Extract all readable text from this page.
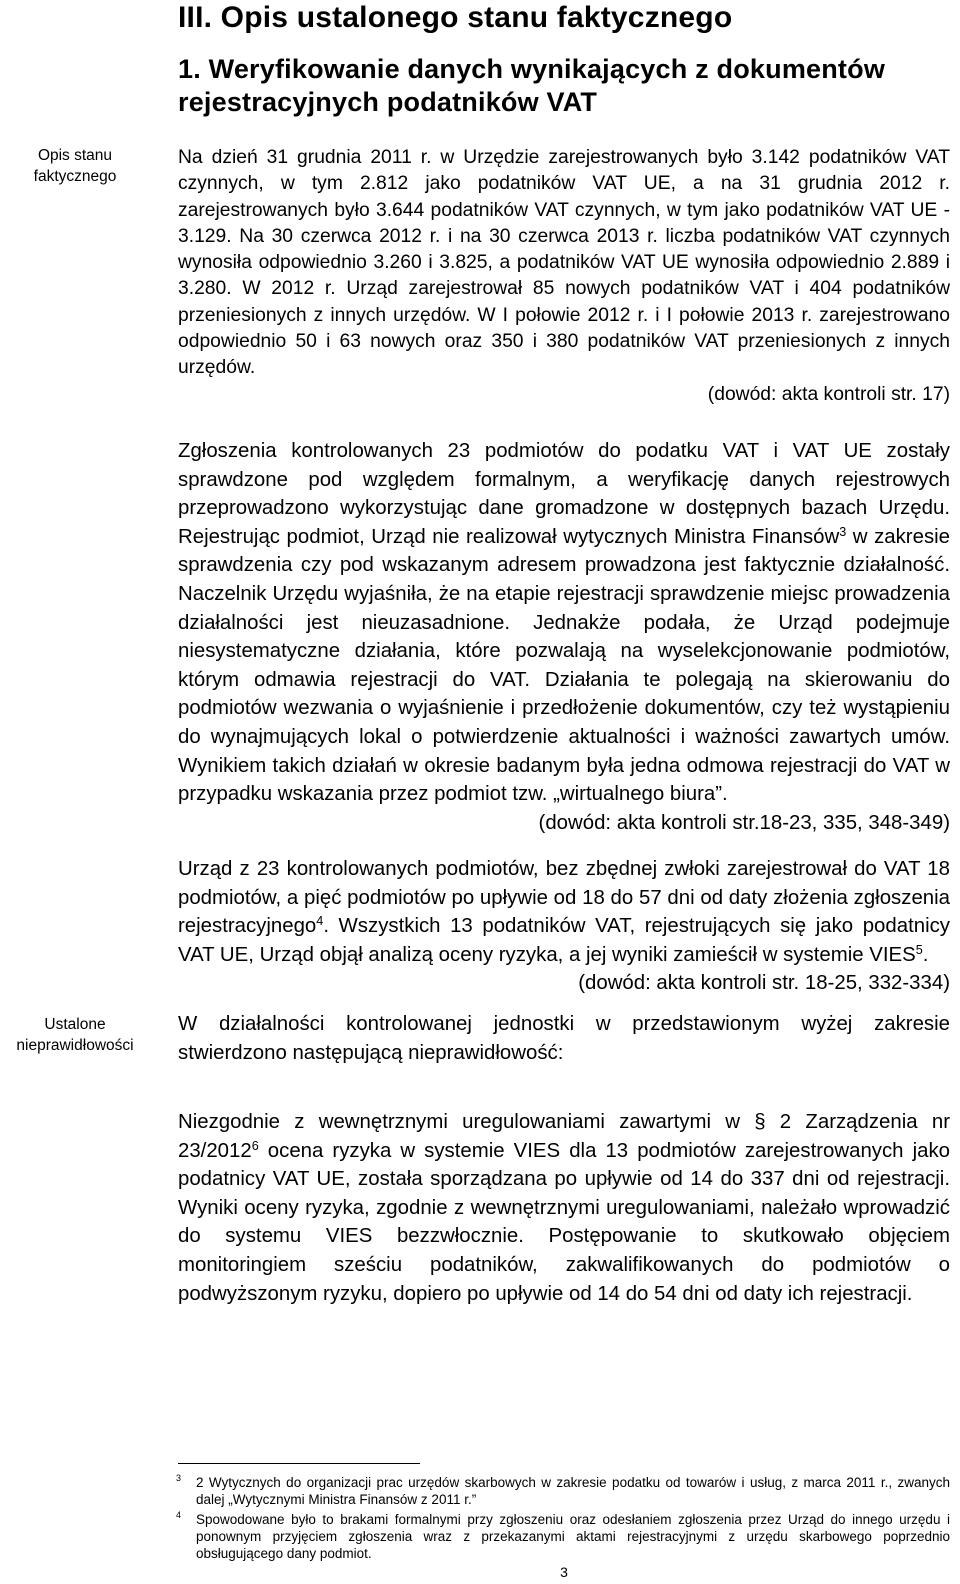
III. Opis ustalonego stanu faktycznego
1. Weryfikowanie danych wynikających z dokumentów rejestracyjnych podatników VAT
Opis stanu faktycznego
Ustalone nieprawidłowości

Na dzień 31 grudnia 2011 r. w Urzędzie zarejestrowanych było 3.142 podatników VAT czynnych, w tym 2.812 jako podatników VAT UE, a na 31 grudnia 2012 r. zarejestrowanych było 3.644 podatników VAT czynnych, w tym jako podatników VAT UE - 3.129. Na 30 czerwca 2012 r. i na 30 czerwca 2013 r. liczba podatników VAT czynnych wynosiła odpowiednio 3.260 i 3.825, a podatników VAT UE wynosiła odpowiednio 2.889 i 3.280. W 2012 r. Urząd zarejestrował 85 nowych podatników VAT i 404 podatników przeniesionych z innych urzędów. W I połowie 2012 r. i I połowie 2013 r. zarejestrowano odpowiednio 50 i 63 nowych oraz 350 i 380 podatników VAT przeniesionych z innych urzędów.

(dowód: akta kontroli str. 17)

Zgłoszenia kontrolowanych 23 podmiotów do podatku VAT i VAT UE zostały sprawdzone pod względem formalnym, a weryfikację danych rejestrowych przeprowadzono wykorzystując dane gromadzone w dostępnych bazach Urzędu. Rejestrując podmiot, Urząd nie realizował wytycznych Ministra Finansów$^3$ w zakresie sprawdzenia czy pod wskazanym adresem prowadzona jest faktycznie działalność. Naczelnik Urzędu wyjaśniła, że na etapie rejestracji sprawdzenie miejsc prowadzenia działalności jest nieuzasadnione. Jednakże podała, że Urząd podejmuje niesystematyczne działania, które pozwalają na wyselekcjonowanie podmiotów, którym odmawia rejestracji do VAT. Działania te polegają na skierowaniu do podmiotów wezwania o wyjaśnienie i przedłożenie dokumentów, czy też wystąpieniu do wynajmujących lokal o potwierdzenie aktualności i ważności zawartych umów. Wynikiem takich działań w okresie badanym była jedna odmowa rejestracji do VAT w przypadku wskazania przez podmiot tzw. „wirtualnego biura”.

(dowód: akta kontroli str.18-23, 335, 348-349)

Urząd z 23 kontrolowanych podmiotów, bez zbędnej zwłoki zarejestrował do VAT 18 podmiotów, a pięć podmiotów po upływie od 18 do 57 dni od daty złożenia zgłoszenia rejestracyjnego$^4$. Wszystkich 13 podatników VAT, rejestrujących się jako podatnicy VAT UE, Urząd objął analizą oceny ryzyka, a jej wyniki zamieścił w systemie VIES$^5$.

(dowód: akta kontroli str. 18-25, 332-334)

W działalności kontrolowanej jednostki w przedstawionym wyżej zakresie stwierdzono następującą nieprawidłowość:

Niezgodnie z wewnętrznymi uregulowaniami zawartymi w § 2 Zarządzenia nr 23/2012$^6$ ocena ryzyka w systemie VIES dla 13 podmiotów zarejestrowanych jako podatnicy VAT UE, została sporządzana po upływie od 14 do 337 dni od rejestracji. Wyniki oceny ryzyka, zgodnie z wewnętrznymi uregulowaniami, należało wprowadzić do systemu VIES bezzwłocznie. Postępowanie to skutkowało objęciem monitoringiem sześciu podatników, zakwalifikowanych do podmiotów o podwyższonym ryzyku, dopiero po upływie od 14 do 54 dni od daty ich rejestracji.

3	2 Wytycznych do organizacji prac urzędów skarbowych w zakresie podatku od towarów i usług, z marca 2011 r., zwanych dalej „Wytycznymi Ministra Finansów z 2011 r.”
4	Spowodowane było to brakami formalnymi przy zgłoszeniu oraz odesłaniem zgłoszenia przez Urząd do innego urzędu i ponownym przyjęciem zgłoszenia wraz z przekazanymi aktami rejestracyjnymi z urzędu skarbowego poprzednio obsługującego dany podmiot.
3
